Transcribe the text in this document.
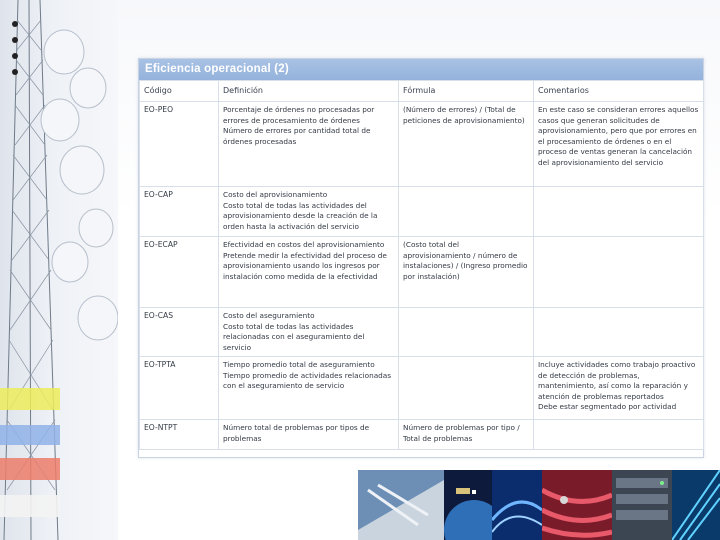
Eficiencia operacional (2)
Código	Definición	Fórmula	Comentarios
EO-PEO	Porcentaje de órdenes no procesadas por errores de procesamiento de órdenes
Número de errores por cantidad total de órdenes procesadas	(Número de errores) / (Total de peticiones de aprovisionamiento)	En este caso se consideran errores aquellos casos que generan solicitudes de aprovisionamiento, pero que por errores en el procesamiento de órdenes o en el proceso de ventas generan la cancelación del aprovisionamiento del servicio

EO-CAP	Costo del aprovisionamiento
Costo total de todas las actividades del aprovisionamiento desde la creación de la orden hasta la activación del servicio		

EO-ECAP	Efectividad en costos del aprovisionamiento
Pretende medir la efectividad del proceso de aprovisionamiento usando los ingresos por instalación como medida de la efectividad	(Costo total del aprovisionamiento / número de instalaciones) / (Ingreso promedio por instalación)	

EO-CAS	Costo del aseguramiento
Costo total de todas las actividades relacionadas con el aseguramiento del servicio		

EO-TPTA	Tiempo promedio total de aseguramiento
Tiempo promedio de actividades relacionadas con el aseguramiento de servicio		Incluye actividades como trabajo proactivo de detección de problemas, mantenimiento, así como la reparación y atención de problemas reportados
Debe estar segmentado por actividad

EO-NTPT	Número total de problemas por tipos de problemas	Número de problemas por tipo / Total de problemas	
